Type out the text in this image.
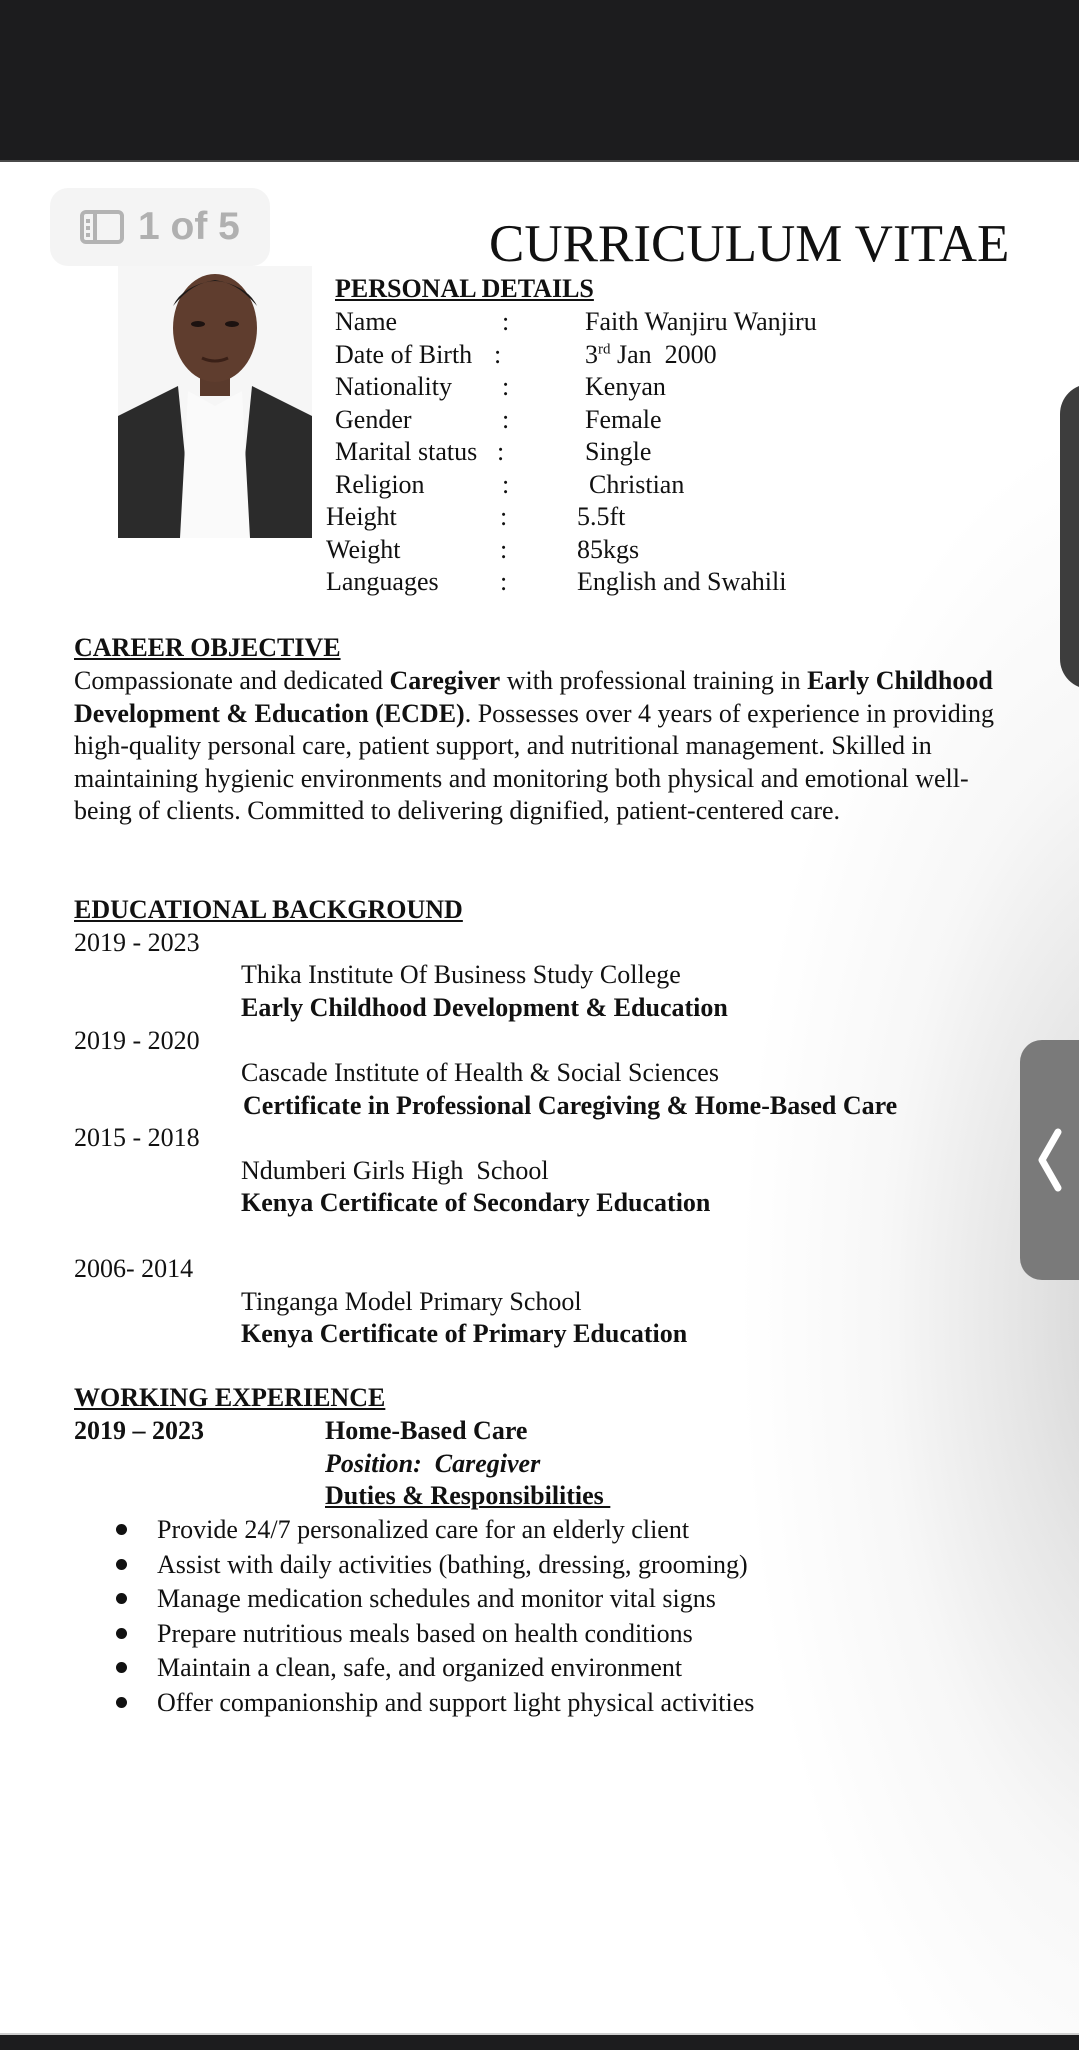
1 of 5	CURRICULUM VITAE
PERSONAL DETAILS
Name	:	Faith Wanjiru Wanjiru
Date of Birth :	3rd Jan  2000
Nationality :	Kenyan
Gender	:	Female
Marital status :	Single
Religion	:	Christian
Height	:	5.5ft
Weight	:	85kgs
Languages :	English and Swahili
CAREER OBJECTIVE
Compassionate and dedicated Caregiver with professional training in Early Childhood Development & Education (ECDE). Possesses over 4 years of experience in providing high-quality personal care, patient support, and nutritional management. Skilled in maintaining hygienic environments and monitoring both physical and emotional well-being of clients. Committed to delivering dignified, patient-centered care.
EDUCATIONAL BACKGROUND
2019 - 2023
Thika Institute Of Business Study College
Early Childhood Development & Education
2019 - 2020
Cascade Institute of Health & Social Sciences
Certificate in Professional Caregiving & Home-Based Care
2015 - 2018
Ndumberi Girls High  School
Kenya Certificate of Secondary Education
2006- 2014
Tinganga Model Primary School
Kenya Certificate of Primary Education
WORKING EXPERIENCE
2019 – 2023	Home-Based Care
Position:  Caregiver
Duties & Responsibilities
Provide 24/7 personalized care for an elderly client
Assist with daily activities (bathing, dressing, grooming)
Manage medication schedules and monitor vital signs
Prepare nutritious meals based on health conditions
Maintain a clean, safe, and organized environment
Offer companionship and support light physical activities
